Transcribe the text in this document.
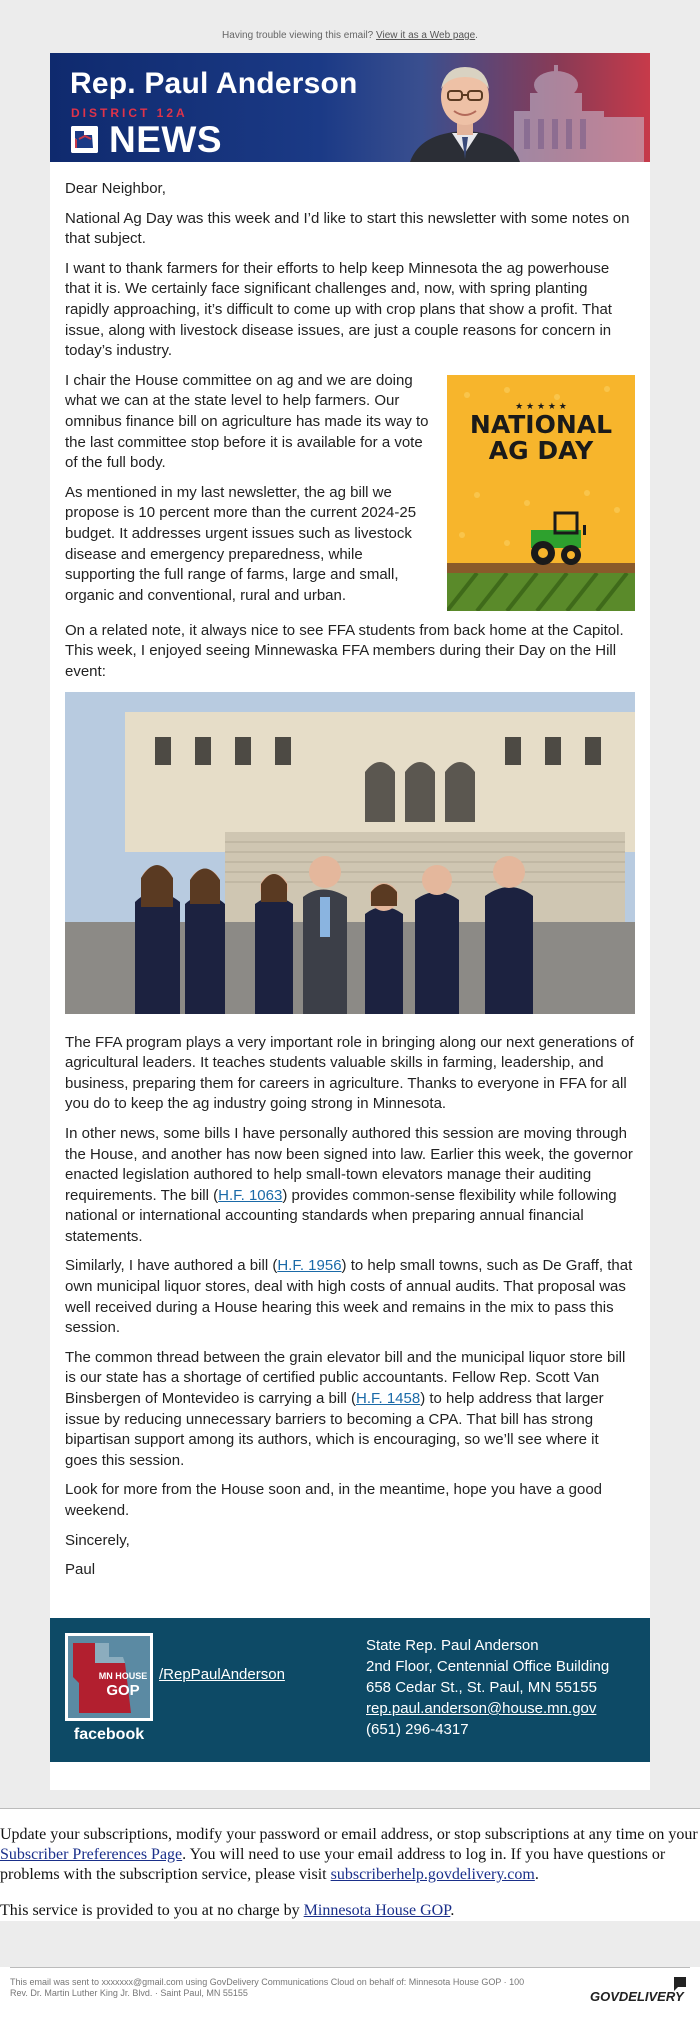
Having trouble viewing this email? View it as a Web page.
Rep. Paul Anderson
DISTRICT 12A
NEWS

Dear Neighbor,

National Ag Day was this week and I’d like to start this newsletter with some notes on that subject.

I want to thank farmers for their efforts to help keep Minnesota the ag powerhouse that it is. We certainly face significant challenges and, now, with spring planting rapidly approaching, it’s difficult to come up with crop plans that show a profit. That issue, along with livestock disease issues, are just a couple reasons for concern in today’s industry.

★ ★ ★ ★ ★
NATIONAL
AG DAY

I chair the House committee on ag and we are doing what we can at the state level to help farmers. Our omnibus finance bill on agriculture has made its way to the last committee stop before it is available for a vote of the full body.

As mentioned in my last newsletter, the ag bill we propose is 10 percent more than the current 2024-25 budget. It addresses urgent issues such as livestock disease and emergency preparedness, while supporting the full range of farms, large and small, organic and conventional, rural and urban.

On a related note, it always nice to see FFA students from back home at the Capitol. This week, I enjoyed seeing Minnewaska FFA members during their Day on the Hill event:

The FFA program plays a very important role in bringing along our next generations of agricultural leaders. It teaches students valuable skills in farming, leadership, and business, preparing them for careers in agriculture. Thanks to everyone in FFA for all you do to keep the ag industry going strong in Minnesota.

In other news, some bills I have personally authored this session are moving through the House, and another has now been signed into law. Earlier this week, the governor enacted legislation authored to help small-town elevators manage their auditing requirements. The bill (H.F. 1063) provides common-sense flexibility while following national or international accounting standards when preparing annual financial statements.

Similarly, I have authored a bill (H.F. 1956) to help small towns, such as De Graff, that own municipal liquor stores, deal with high costs of annual audits. That proposal was well received during a House hearing this week and remains in the mix to pass this session.

The common thread between the grain elevator bill and the municipal liquor store bill is our state has a shortage of certified public accountants. Fellow Rep. Scott Van Binsbergen of Montevideo is carrying a bill (H.F. 1458) to help address that larger issue by reducing unnecessary barriers to becoming a CPA. That bill has strong bipartisan support among its authors, which is encouraging, so we’ll see where it goes this session.

Look for more from the House soon and, in the meantime, hope you have a good weekend.

Sincerely,

Paul

MN HOUSE
GOP
facebook
/RepPaulAnderson
State Rep. Paul Anderson
2nd Floor, Centennial Office Building
658 Cedar St., St. Paul, MN 55155
rep.paul.anderson@house.mn.gov
(651) 296-4317

Update your subscriptions, modify your password or email address, or stop subscriptions at any time on your Subscriber Preferences Page. You will need to use your email address to log in. If you have questions or problems with the subscription service, please visit subscriberhelp.govdelivery.com.

This service is provided to you at no charge by Minnesota House GOP.

This email was sent to xxxxxxx@gmail.com using GovDelivery Communications Cloud on behalf of: Minnesota House GOP · 100
Rev. Dr. Martin Luther King Jr. Blvd. · Saint Paul, MN 55155	GOVDELIVERY
